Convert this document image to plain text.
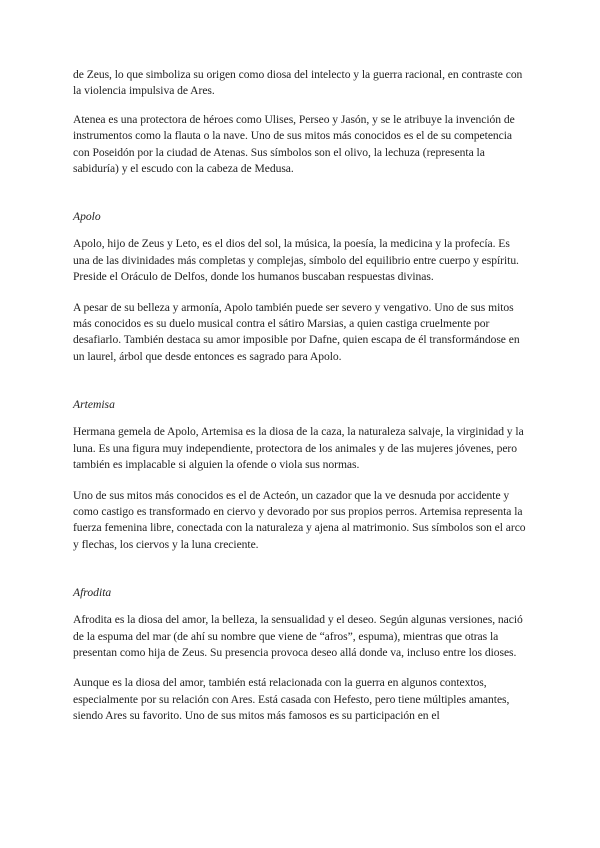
de Zeus, lo que simboliza su origen como diosa del intelecto y la guerra racional, en contraste con la violencia impulsiva de Ares.

Atenea es una protectora de héroes como Ulises, Perseo y Jasón, y se le atribuye la invención de instrumentos como la flauta o la nave. Uno de sus mitos más conocidos es el de su competencia con Poseidón por la ciudad de Atenas. Sus símbolos son el olivo, la lechuza (representa la sabiduría) y el escudo con la cabeza de Medusa.

Apolo

Apolo, hijo de Zeus y Leto, es el dios del sol, la música, la poesía, la medicina y la profecía. Es una de las divinidades más completas y complejas, símbolo del equilibrio entre cuerpo y espíritu. Preside el Oráculo de Delfos, donde los humanos buscaban respuestas divinas.

A pesar de su belleza y armonía, Apolo también puede ser severo y vengativo. Uno de sus mitos más conocidos es su duelo musical contra el sátiro Marsias, a quien castiga cruelmente por desafiarlo. También destaca su amor imposible por Dafne, quien escapa de él transformándose en un laurel, árbol que desde entonces es sagrado para Apolo.

Artemisa

Hermana gemela de Apolo, Artemisa es la diosa de la caza, la naturaleza salvaje, la virginidad y la luna. Es una figura muy independiente, protectora de los animales y de las mujeres jóvenes, pero también es implacable si alguien la ofende o viola sus normas.

Uno de sus mitos más conocidos es el de Acteón, un cazador que la ve desnuda por accidente y como castigo es transformado en ciervo y devorado por sus propios perros. Artemisa representa la fuerza femenina libre, conectada con la naturaleza y ajena al matrimonio. Sus símbolos son el arco y flechas, los ciervos y la luna creciente.

Afrodita

Afrodita es la diosa del amor, la belleza, la sensualidad y el deseo. Según algunas versiones, nació de la espuma del mar (de ahí su nombre que viene de “afros”, espuma), mientras que otras la presentan como hija de Zeus. Su presencia provoca deseo allá donde va, incluso entre los dioses.

Aunque es la diosa del amor, también está relacionada con la guerra en algunos contextos, especialmente por su relación con Ares. Está casada con Hefesto, pero tiene múltiples amantes, siendo Ares su favorito. Uno de sus mitos más famosos es su participación en el
